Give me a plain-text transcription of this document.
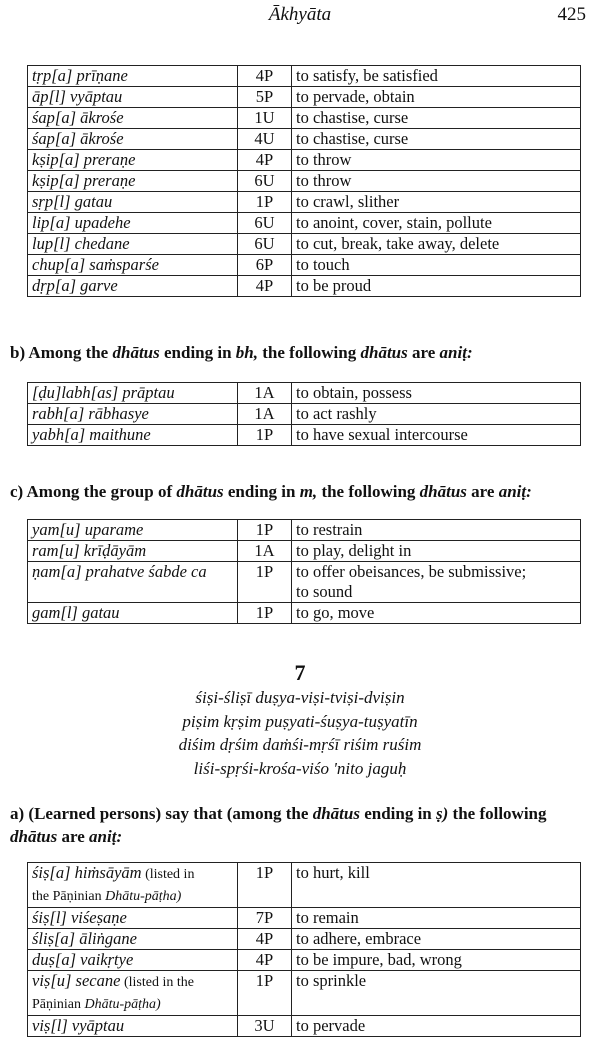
Ākhyāta	425
tṛp[a] prīṇane	4P	to satisfy, be satisfied
āp[l] vyāptau	5P	to pervade, obtain
śap[a] ākrośe	1U	to chastise, curse
śap[a] ākrośe	4U	to chastise, curse
kṣip[a] preraṇe	4P	to throw
kṣip[a] preraṇe	6U	to throw
sṛp[l] gatau	1P	to crawl, slither
lip[a] upadehe	6U	to anoint, cover, stain, pollute
lup[l] chedane	6U	to cut, break, take away, delete
chup[a] saṁsparśe	6P	to touch
dṛp[a] garve	4P	to be proud
b) Among the dhātus ending in bh, the following dhātus are aniṭ:
[ḍu]labh[as] prāptau	1A	to obtain, possess
rabh[a] rābhasye	1A	to act rashly
yabh[a] maithune	1P	to have sexual intercourse
c) Among the group of dhātus ending in m, the following dhātus are aniṭ:
yam[u] uparame	1P	to restrain
ram[u] krīḍāyām	1A	to play, delight in
ṇam[a] prahatve śabde ca	1P	to offer obeisances, be submissive;
to sound
gam[l] gatau	1P	to go, move
7
śiṣi-śliṣī duṣya-viṣi-tviṣi-dviṣin
piṣim kṛṣim puṣyati-śuṣya-tuṣyatīn
diśim dṛśim daṁśi-mṛśī riśim ruśim
liśi-spṛśi-krośa-viśo 'nito jaguḥ
a) (Learned persons) say that (among the dhātus ending in ṣ) the following
dhātus are aniṭ:
śiṣ[a] hiṁsāyām (listed in
the Pāṇinian Dhātu-pāṭha)	1P	to hurt, kill
śiṣ[l] viśeṣaṇe	7P	to remain
śliṣ[a] āliṅgane	4P	to adhere, embrace
duṣ[a] vaikṛtye	4P	to be impure, bad, wrong
viṣ[u] secane (listed in the
Pāṇinian Dhātu-pāṭha)	1P	to sprinkle
viṣ[l] vyāptau	3U	to pervade
